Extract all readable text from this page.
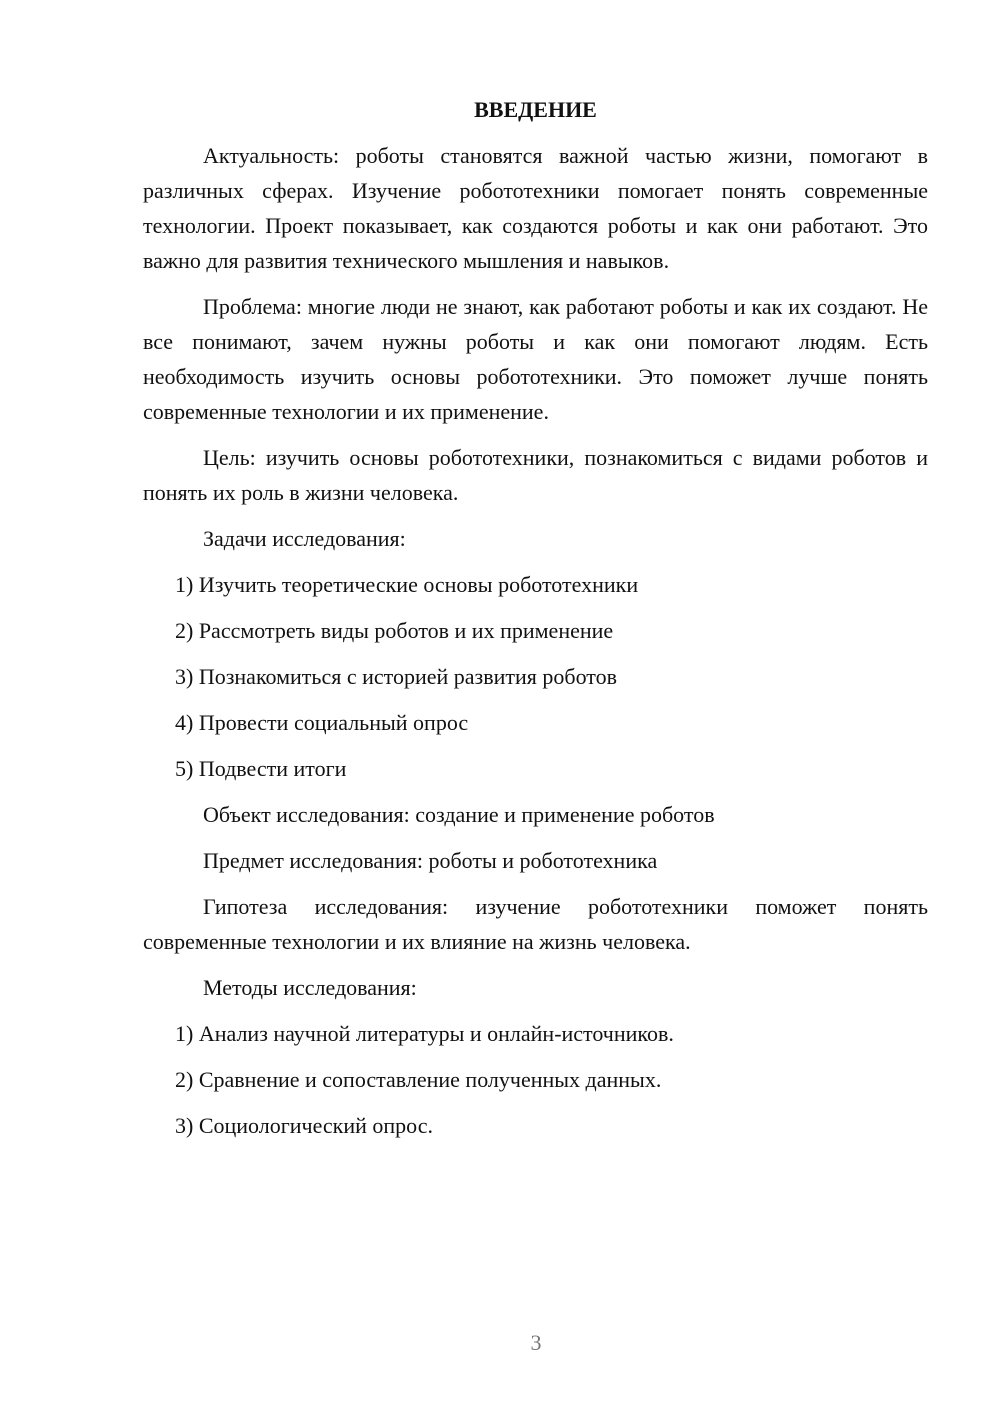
ВВЕДЕНИЕ
Актуальность: роботы становятся важной частью жизни, помогают в различных сферах. Изучение робототехники помогает понять современные технологии. Проект показывает, как создаются роботы и как они работают. Это важно для развития технического мышления и навыков.
Проблема: многие люди не знают, как работают роботы и как их создают. Не все понимают, зачем нужны роботы и как они помогают людям. Есть необходимость изучить основы робототехники. Это поможет лучше понять современные технологии и их применение.
Цель: изучить основы робототехники, познакомиться с видами роботов и понять их роль в жизни человека.
Задачи исследования:
1) Изучить теоретические основы робототехники
2) Рассмотреть виды роботов и их применение
3) Познакомиться с историей развития роботов
4) Провести социальный опрос
5) Подвести итоги
Объект исследования: создание и применение роботов
Предмет исследования: роботы и робототехника
Гипотеза исследования: изучение робототехники поможет понять современные технологии и их влияние на жизнь человека.
Методы исследования:
1) Анализ научной литературы и онлайн-источников.
2) Сравнение и сопоставление полученных данных.
3) Социологический опрос.
3
